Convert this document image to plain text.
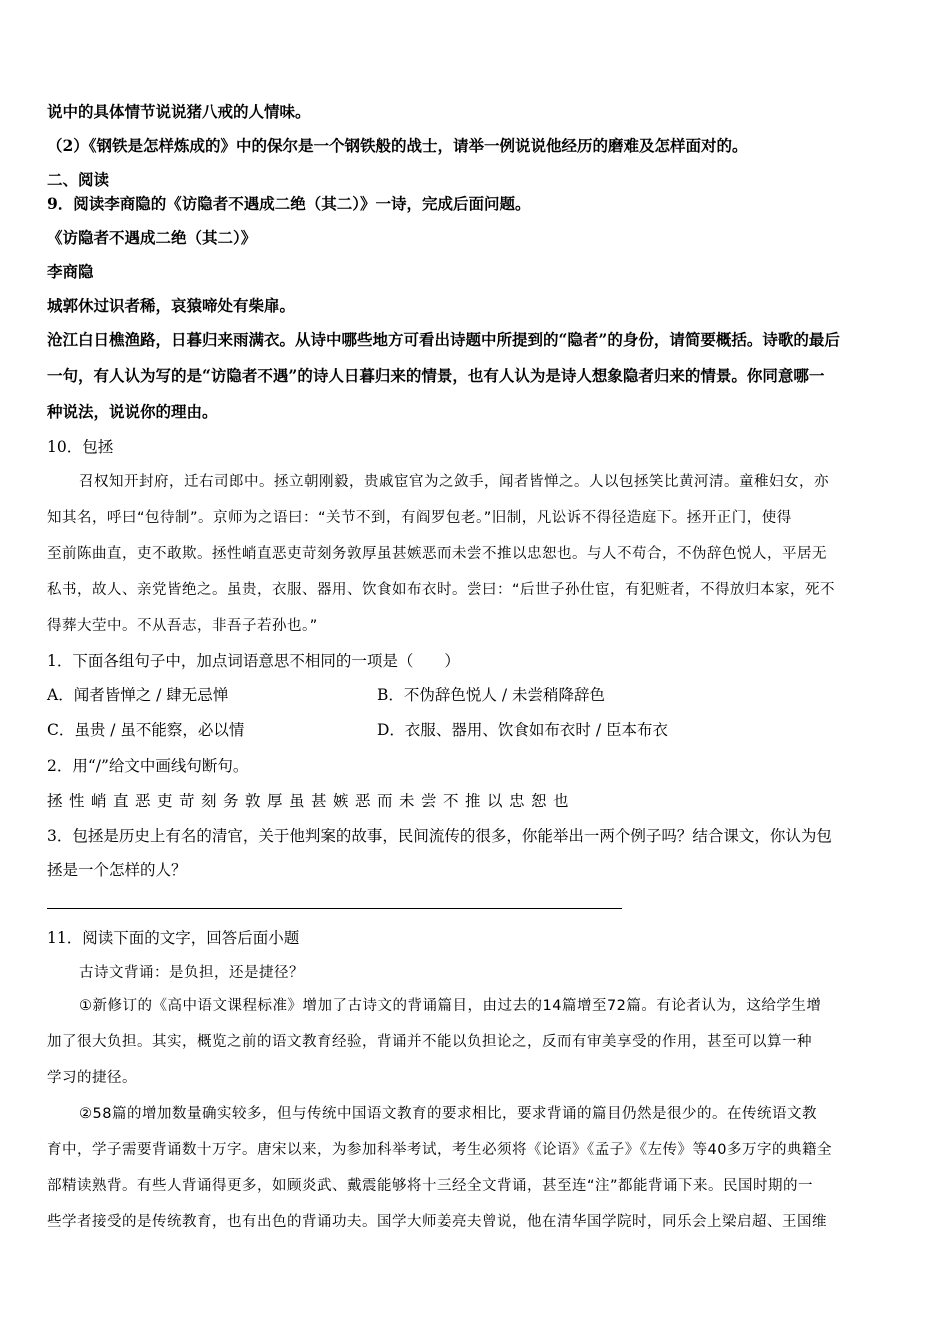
说中的具体情节说说猪八戒的人情味。
（2）《钢铁是怎样炼成的》中的保尔是一个钢铁般的战士，请举一例说说他经历的磨难及怎样面对的。
二、阅读
9．阅读李商隐的《访隐者不遇成二绝（其二）》一诗，完成后面问题。
《访隐者不遇成二绝（其二）》
李商隐
城郭休过识者稀，哀猿啼处有柴扉。
沧江白日樵渔路，日暮归来雨满衣。从诗中哪些地方可看出诗题中所提到的“隐者”的身份，请简要概括。诗歌的最后
一句，有人认为写的是“访隐者不遇”的诗人日暮归来的情景，也有人认为是诗人想象隐者归来的情景。你同意哪一
种说法，说说你的理由。
10．包拯
召权知开封府，迁右司郎中。拯立朝刚毅，贵戚宦官为之敛手，闻者皆惮之。人以包拯笑比黄河清。童稚妇女，亦
知其名，呼曰“包待制”。京师为之语曰：“关节不到，有阎罗包老。”旧制，凡讼诉不得径造庭下。拯开正门，使得
至前陈曲直，吏不敢欺。拯性峭直恶吏苛刻务敦厚虽甚嫉恶而未尝不推以忠恕也。与人不苟合，不伪辞色悦人，平居无
私书，故人、亲党皆绝之。虽贵，衣服、器用、饮食如布衣时。尝曰：“后世子孙仕宦，有犯赃者，不得放归本家，死不
得葬大茔中。不从吾志，非吾子若孙也。”
1．下面各组句子中，加点词语意思不相同的一项是（　　）
A．闻者皆惮之 / 肆无忌惮	B．不伪辞色悦人 / 未尝稍降辞色
C．虽贵 / 虽不能察，必以情	D．衣服、器用、饮食如布衣时 / 臣本布衣
2．用“/”给文中画线句断句。
拯性峭直恶吏苛刻务敦厚虽甚嫉恶而未尝不推以忠恕也
3．包拯是历史上有名的清官，关于他判案的故事，民间流传的很多，你能举出一两个例子吗？结合课文，你认为包
拯是一个怎样的人？
11．阅读下面的文字，回答后面小题
古诗文背诵：是负担，还是捷径？
①新修订的《高中语文课程标准》增加了古诗文的背诵篇目，由过去的14篇增至72篇。有论者认为，这给学生增
加了很大负担。其实，概览之前的语文教育经验，背诵并不能以负担论之，反而有审美享受的作用，甚至可以算一种
学习的捷径。
②58篇的增加数量确实较多，但与传统中国语文教育的要求相比，要求背诵的篇目仍然是很少的。在传统语文教
育中，学子需要背诵数十万字。唐宋以来，为参加科举考试，考生必须将《论语》《孟子》《左传》等40多万字的典籍全
部精读熟背。有些人背诵得更多，如顾炎武、戴震能够将十三经全文背诵，甚至连“注”都能背诵下来。民国时期的一
些学者接受的是传统教育，也有出色的背诵功夫。国学大师姜亮夫曾说，他在清华国学院时，同乐会上梁启超、王国维
